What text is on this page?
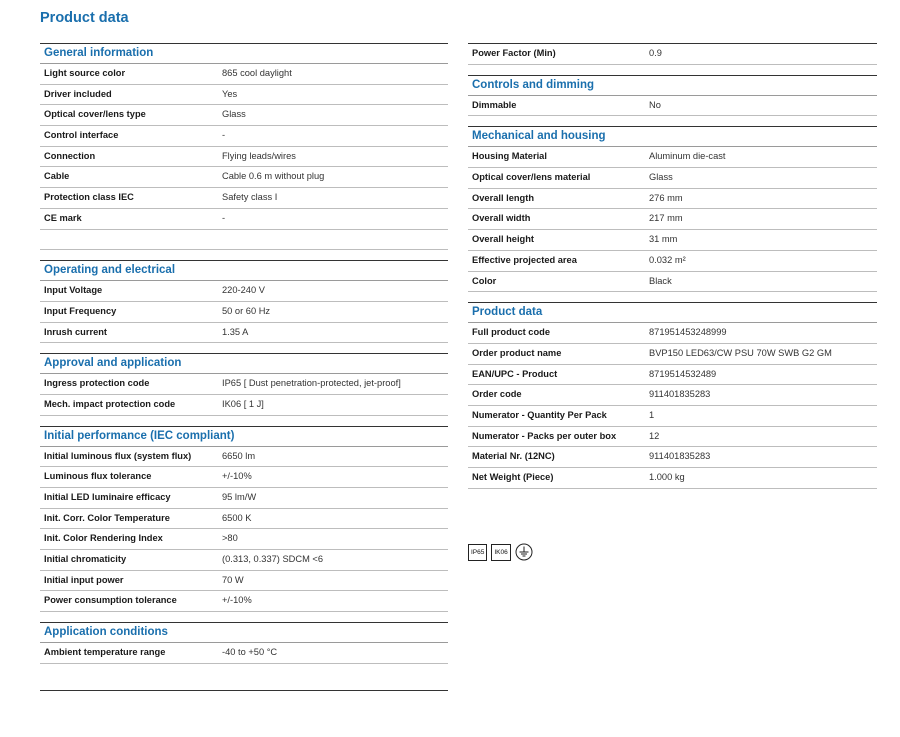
Product data
General information
Light source color	865 cool daylight
Driver included	Yes
Optical cover/lens type	Glass
Control interface	-
Connection	Flying leads/wires
Cable	Cable 0.6 m without plug
Protection class IEC	Safety class I
CE mark	-
Operating and electrical
Input Voltage	220-240 V
Input Frequency	50 or 60 Hz
Inrush current	1.35 A
Approval and application
Ingress protection code	IP65 [ Dust penetration-protected, jet-proof]
Mech. impact protection code	IK06 [ 1 J]
Initial performance (IEC compliant)
Initial luminous flux (system flux)	6650 lm
Luminous flux tolerance	+/-10%
Initial LED luminaire efficacy	95 lm/W
Init. Corr. Color Temperature	6500 K
Init. Color Rendering Index	>80
Initial chromaticity	(0.313, 0.337) SDCM <6
Initial input power	70 W
Power consumption tolerance	+/-10%
Application conditions
Ambient temperature range	-40 to +50 °C
Power Factor (Min)	0.9
Controls and dimming
Dimmable	No
Mechanical and housing
Housing Material	Aluminum die-cast
Optical cover/lens material	Glass
Overall length	276 mm
Overall width	217 mm
Overall height	31 mm
Effective projected area	0.032 m²
Color	Black
Product data
Full product code	871951453248999
Order product name	BVP150 LED63/CW PSU 70W SWB G2 GM
EAN/UPC - Product	8719514532489
Order code	911401835283
Numerator - Quantity Per Pack	1
Numerator - Packs per outer box	12
Material Nr. (12NC)	911401835283
Net Weight (Piece)	1.000 kg
IP65	IK06
